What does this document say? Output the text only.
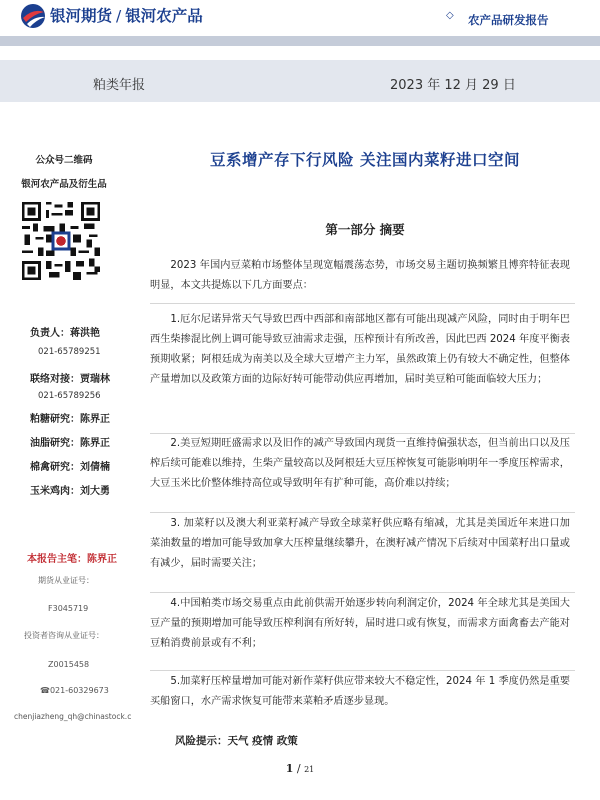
银河期货 / 银河农产品	◇ 农产品研发报告
粕类年报	2023 年 12 月 29 日
公众号二维码
银河农产品及衍生品
负责人：蒋洪艳
021-65789251
联络对接：贾瑞林
021-65789256
粕糖研究：陈界正
油脂研究：陈界正
棉禽研究：刘倩楠
玉米鸡肉：刘大勇
本报告主笔：陈界正
期货从业证号：
F3045719
投资者咨询从业证号：
Z0015458
☎021-60329673
chenjiazheng_qh@chinastock.c
豆系增产存下行风险 关注国内菜籽进口空间
第一部分 摘要

2023 年国内豆菜粕市场整体呈现宽幅震荡态势，市场交易主题切换频繁且博弈特征表现明显，本文共提炼以下几方面要点：

1.厄尔尼诺异常天气导致巴西中西部和南部地区都有可能出现减产风险，同时由于明年巴西生柴掺混比例上调可能导致豆油需求走强，压榨预计有所改善，因此巴西 2024 年度平衡表预期收紧；阿根廷成为南美以及全球大豆增产主力军，虽然政策上仍有较大不确定性，但整体产量增加以及政策方面的边际好转可能带动供应再增加，届时美豆粕可能面临较大压力；

2.美豆短期旺盛需求以及旧作的减产导致国内现货一直维持偏强状态，但当前出口以及压榨后续可能难以维持，生柴产量较高以及阿根廷大豆压榨恢复可能影响明年一季度压榨需求，大豆玉米比价整体维持高位或导致明年有扩种可能，高价难以持续；

3. 加菜籽以及澳大利亚菜籽减产导致全球菜籽供应略有缩减，尤其是美国近年来进口加菜油数量的增加可能导致加拿大压榨量继续攀升，在澳籽减产情况下后续对中国菜籽出口量或有减少，届时需要关注；

4.中国粕类市场交易重点由此前供需开始逐步转向利润定价，2024 年全球尤其是美国大豆产量的预期增加可能导致压榨利润有所好转，届时进口或有恢复，而需求方面禽畜去产能对豆粕消费前景或有不利；

5.加菜籽压榨量增加可能对新作菜籽供应带来较大不稳定性，2024 年 1 季度仍然是重要买船窗口，水产需求恢复可能带来菜粕矛盾逐步显现。

风险提示：天气 疫情 政策
1 / 21
